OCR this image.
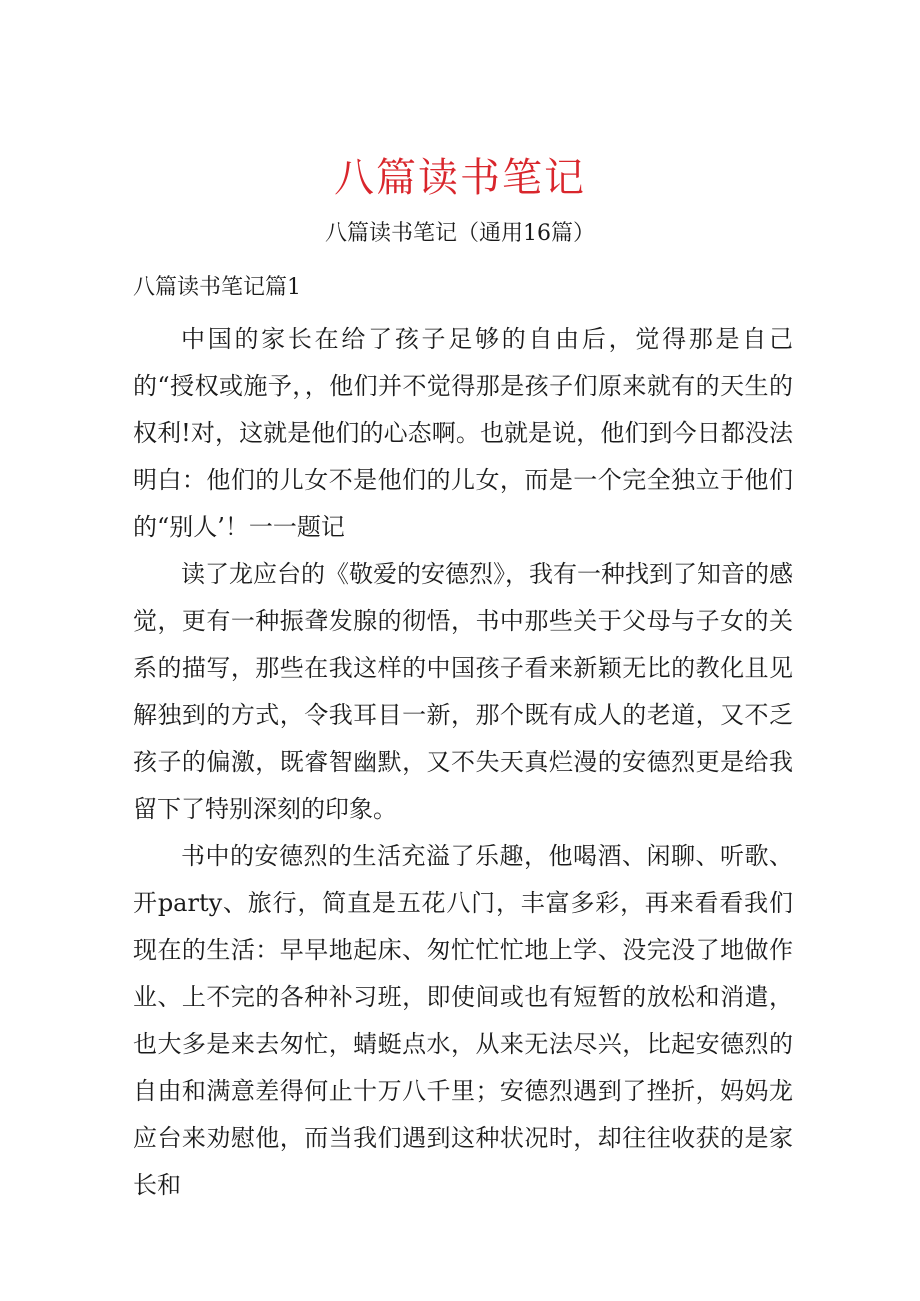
八篇读书笔记
八篇读书笔记（通用16篇）
八篇读书笔记篇1

中国的家长在给了孩子足够的自由后，觉得那是自己的“授权或施予，，他们并不觉得那是孩子们原来就有的天生的权利!对，这就是他们的心态啊。也就是说，他们到今日都没法明白：他们的儿女不是他们的儿女，而是一个完全独立于他们的“别人’！一一题记

读了龙应台的《敬爱的安德烈》，我有一种找到了知音的感觉，更有一种振聋发腺的彻悟，书中那些关于父母与子女的关系的描写，那些在我这样的中国孩子看来新颖无比的教化且见解独到的方式，令我耳目一新，那个既有成人的老道，又不乏孩子的偏激，既睿智幽默，又不失天真烂漫的安德烈更是给我留下了特别深刻的印象。

书中的安德烈的生活充溢了乐趣，他喝酒、闲聊、听歌、开party、旅行，简直是五花八门，丰富多彩，再来看看我们现在的生活：早早地起床、匆忙忙忙地上学、没完没了地做作业、上不完的各种补习班，即使间或也有短暂的放松和消遣，也大多是来去匆忙，蜻蜓点水，从来无法尽兴，比起安德烈的自由和满意差得何止十万八千里；安德烈遇到了挫折，妈妈龙应台来劝慰他，而当我们遇到这种状况时，却往往收获的是家长和
